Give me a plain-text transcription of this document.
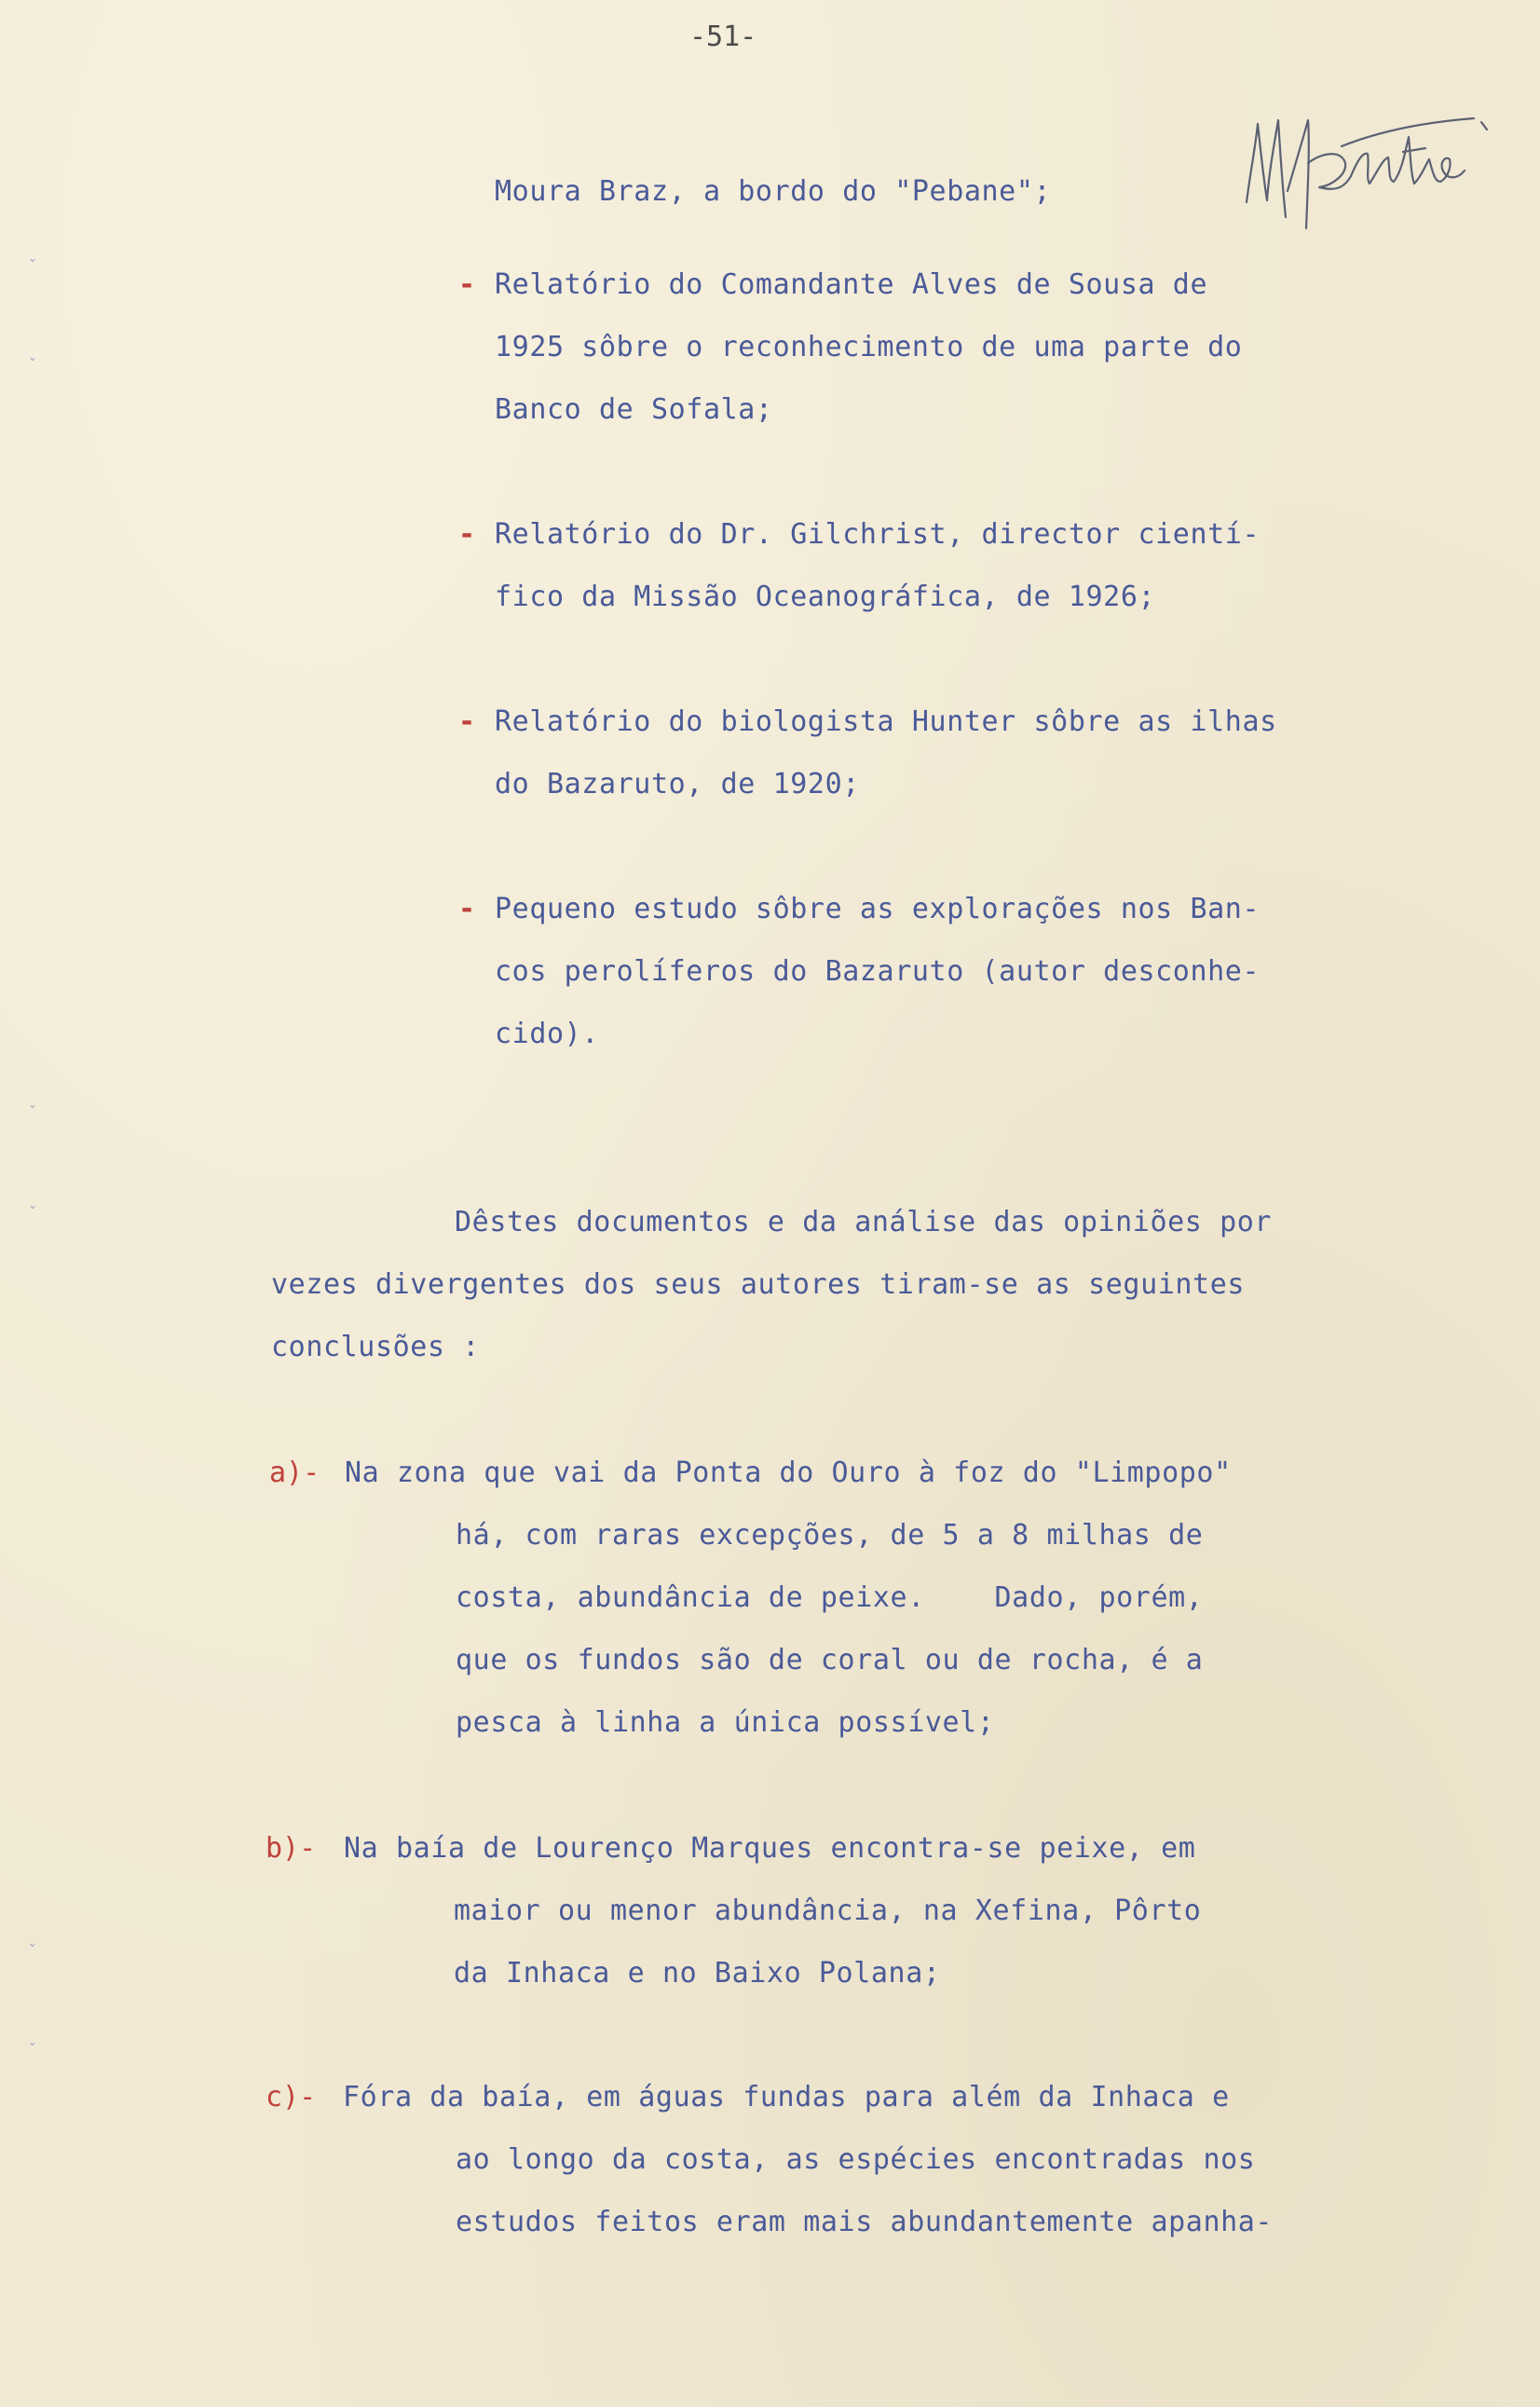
ˇ
ˇ
ˇ
ˇ
ˇ
ˇ
-51-
Moura Braz, a bordo do "Pebane";
- Relatório do Comandante Alves de Sousa de
1925 sôbre o reconhecimento de uma parte do
Banco de Sofala;
- Relatório do Dr. Gilchrist, director cientí-
fico da Missão Oceanográfica, de 1926;
- Relatório do biologista Hunter sôbre as ilhas
do Bazaruto, de 1920;
- Pequeno estudo sôbre as explorações nos Ban-
cos perolíferos do Bazaruto (autor desconhe-
cido).
Dêstes documentos e da análise das opiniões por
vezes divergentes dos seus autores tiram-se as seguintes
conclusões :
a)- Na zona que vai da Ponta do Ouro à foz do "Limpopo"
há, com raras excepções, de 5 a 8 milhas de
costa, abundância de peixe.    Dado, porém,
que os fundos são de coral ou de rocha, é a
pesca à linha a única possível;
b)- Na baía de Lourenço Marques encontra-se peixe, em
maior ou menor abundância, na Xefina, Pôrto
da Inhaca e no Baixo Polana;
c)- Fóra da baía, em águas fundas para além da Inhaca e
ao longo da costa, as espécies encontradas nos
estudos feitos eram mais abundantemente apanha-
